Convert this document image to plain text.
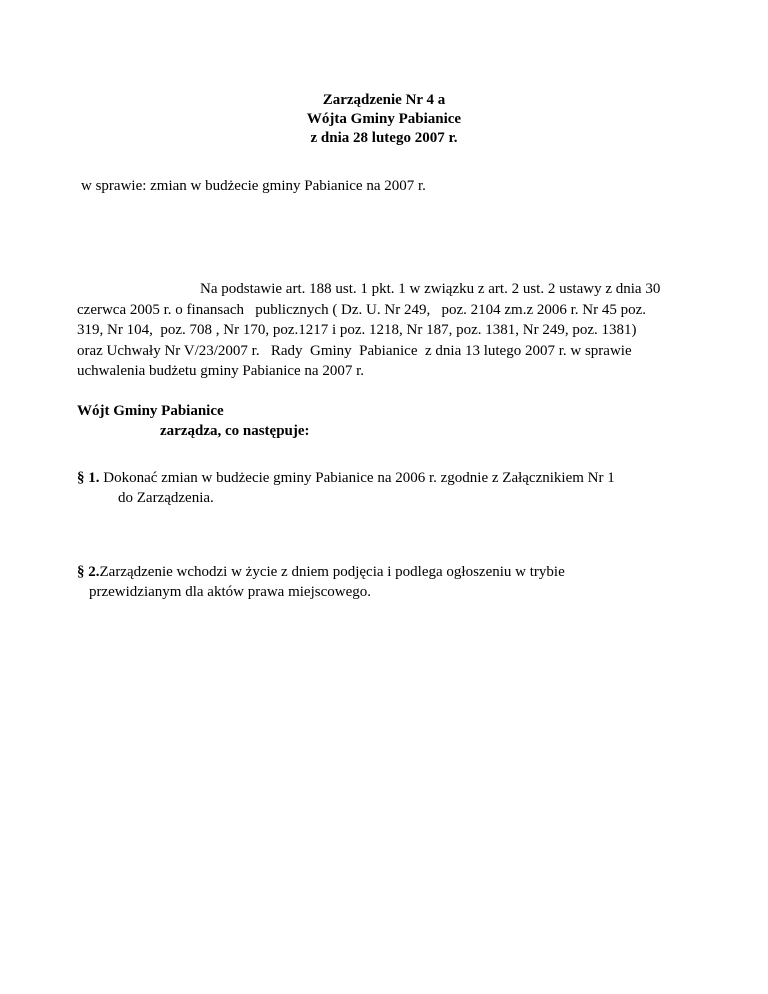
Zarządzenie Nr 4 a
Wójta Gminy Pabianice
z dnia 28 lutego 2007 r.
w sprawie: zmian w budżecie gminy Pabianice na 2007 r.
Na podstawie art. 188 ust. 1 pkt. 1 w związku z art. 2 ust. 2 ustawy z dnia 30
czerwca 2005 r. o finansach   publicznych ( Dz. U. Nr 249,   poz. 2104 zm.z 2006 r. Nr 45 poz.
319, Nr 104,  poz. 708 , Nr 170, poz.1217 i poz. 1218, Nr 187, poz. 1381, Nr 249, poz. 1381)
oraz Uchwały Nr V/23/2007 r.   Rady  Gminy  Pabianice  z dnia 13 lutego 2007 r. w sprawie
uchwalenia budżetu gminy Pabianice na 2007 r.
Wójt Gminy Pabianice
zarządza, co następuje:
§ 1. Dokonać zmian w budżecie gminy Pabianice na 2006 r. zgodnie z Załącznikiem Nr 1
do Zarządzenia.
§ 2.Zarządzenie wchodzi w życie z dniem podjęcia i podlega ogłoszeniu w trybie
przewidzianym dla aktów prawa miejscowego.
